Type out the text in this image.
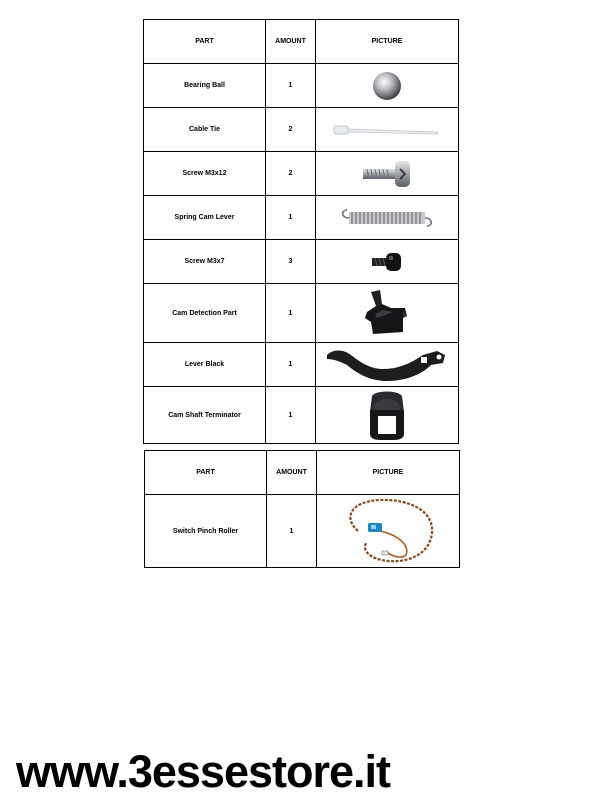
PART	AMOUNT	PICTURE
Bearing Ball	1	

Cable Tie	2	

Screw M3x12	2	

Spring Cam Lever	1	

Screw M3x7	3	

Cam Detection Part	1	

Lever Black	1	

Cam Shaft Terminator	1	
PART	AMOUNT	PICTURE
Switch Pinch Roller	1	
www.3essestore.it
